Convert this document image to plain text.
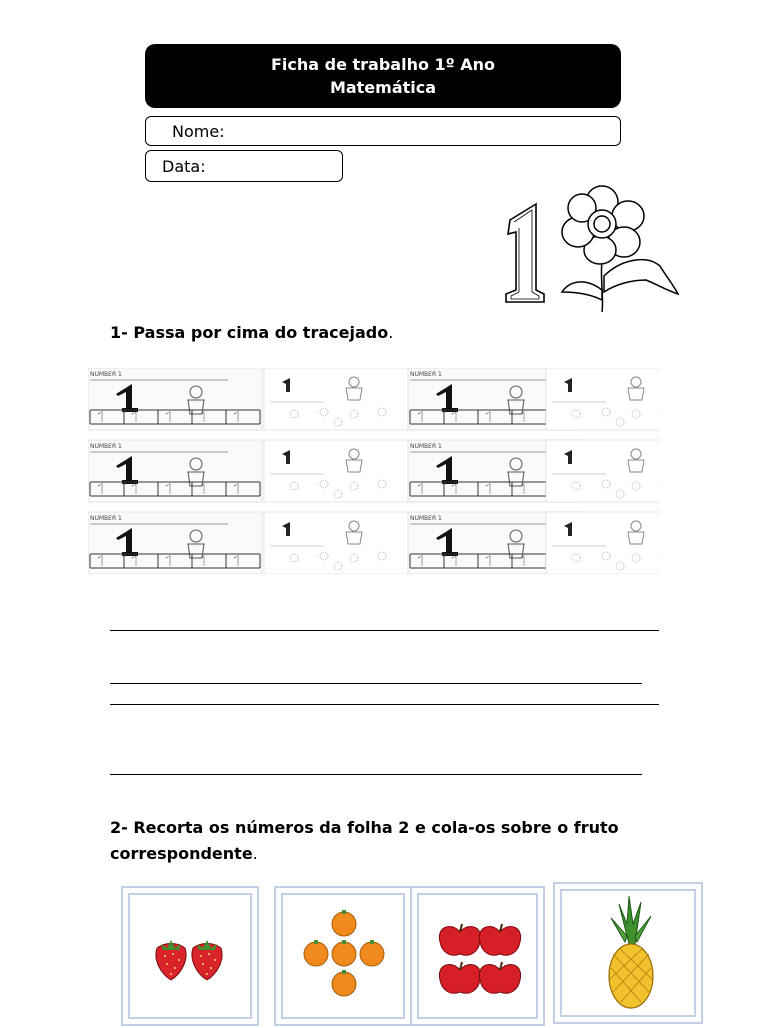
Ficha de trabalho 1º Ano
Matemática
Nome:
Data:
1- Passa por cima do tracejado.
2- Recorta os números da folha 2 e cola-os sobre o fruto
correspondente.
